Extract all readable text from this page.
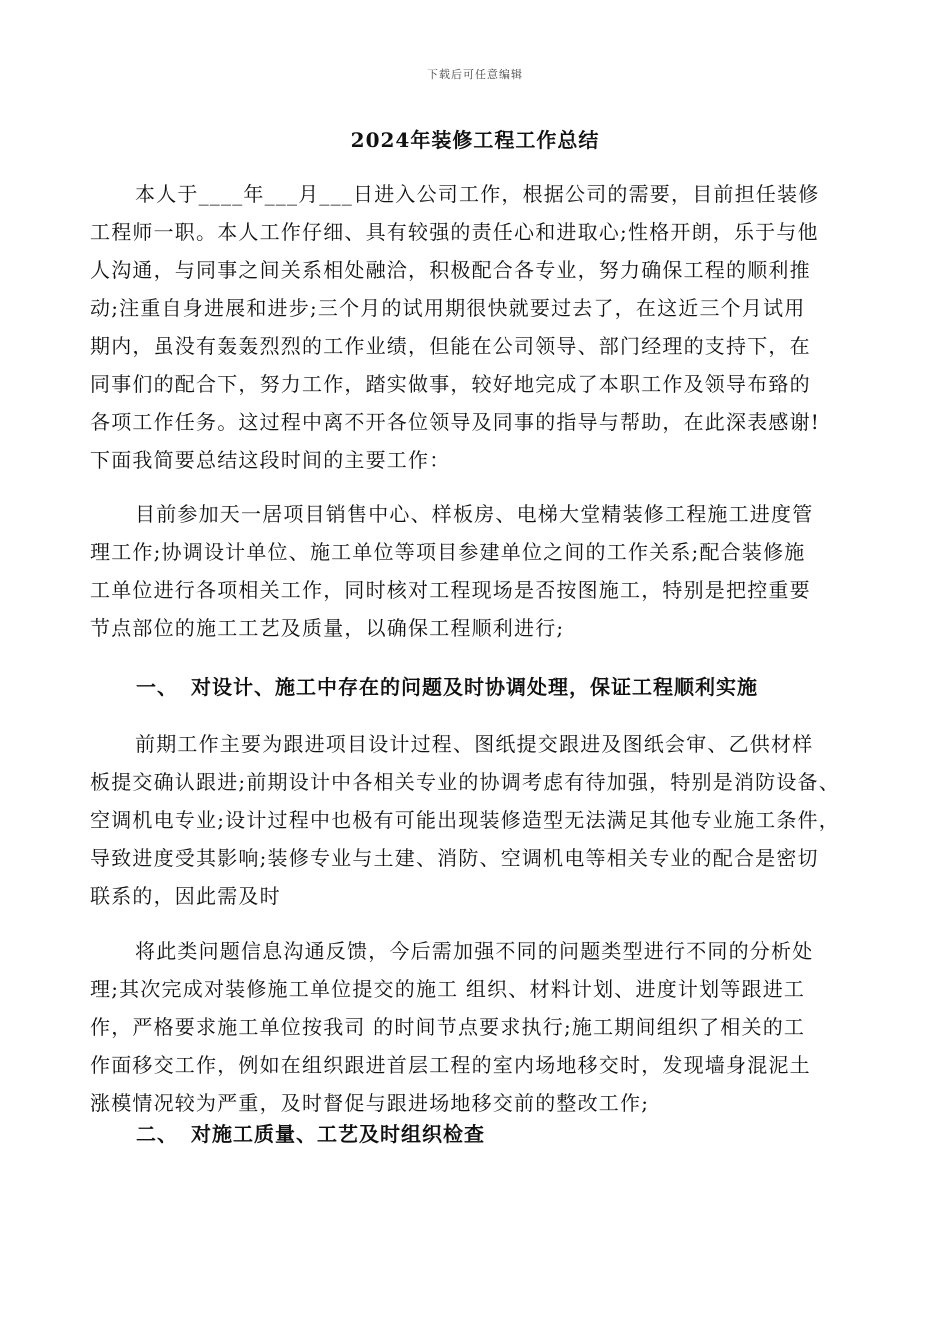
下载后可任意编辑
2024年装修工程工作总结
本人于____年___月___日进入公司工作，根据公司的需要，目前担任装修
工程师一职。本人工作仔细、具有较强的责任心和进取心;性格开朗，乐于与他
人沟通，与同事之间关系相处融洽，积极配合各专业，努力确保工程的顺利推
动;注重自身进展和进步;三个月的试用期很快就要过去了，在这近三个月试用
期内，虽没有轰轰烈烈的工作业绩，但能在公司领导、部门经理的支持下，在
同事们的配合下，努力工作，踏实做事，较好地完成了本职工作及领导布臵的
各项工作任务。这过程中离不开各位领导及同事的指导与帮助，在此深表感谢!
下面我简要总结这段时间的主要工作：
目前参加天一居项目销售中心、样板房、电梯大堂精装修工程施工进度管
理工作;协调设计单位、施工单位等项目参建单位之间的工作关系;配合装修施
工单位进行各项相关工作，同时核对工程现场是否按图施工，特别是把控重要
节点部位的施工工艺及质量，以确保工程顺利进行;
一、 对设计、施工中存在的问题及时协调处理，保证工程顺利实施
前期工作主要为跟进项目设计过程、图纸提交跟进及图纸会审、乙供材样
板提交确认跟进;前期设计中各相关专业的协调考虑有待加强，特别是消防设备、
空调机电专业;设计过程中也极有可能出现装修造型无法满足其他专业施工条件，
导致进度受其影响;装修专业与土建、消防、空调机电等相关专业的配合是密切
联系的，因此需及时
将此类问题信息沟通反馈，今后需加强不同的问题类型进行不同的分析处
理;其次完成对装修施工单位提交的施工 组织、材料计划、进度计划等跟进工
作，严格要求施工单位按我司 的时间节点要求执行;施工期间组织了相关的工
作面移交工作，例如在组织跟进首层工程的室内场地移交时，发现墙身混泥土
涨模情况较为严重，及时督促与跟进场地移交前的整改工作;
二、 对施工质量、工艺及时组织检查
